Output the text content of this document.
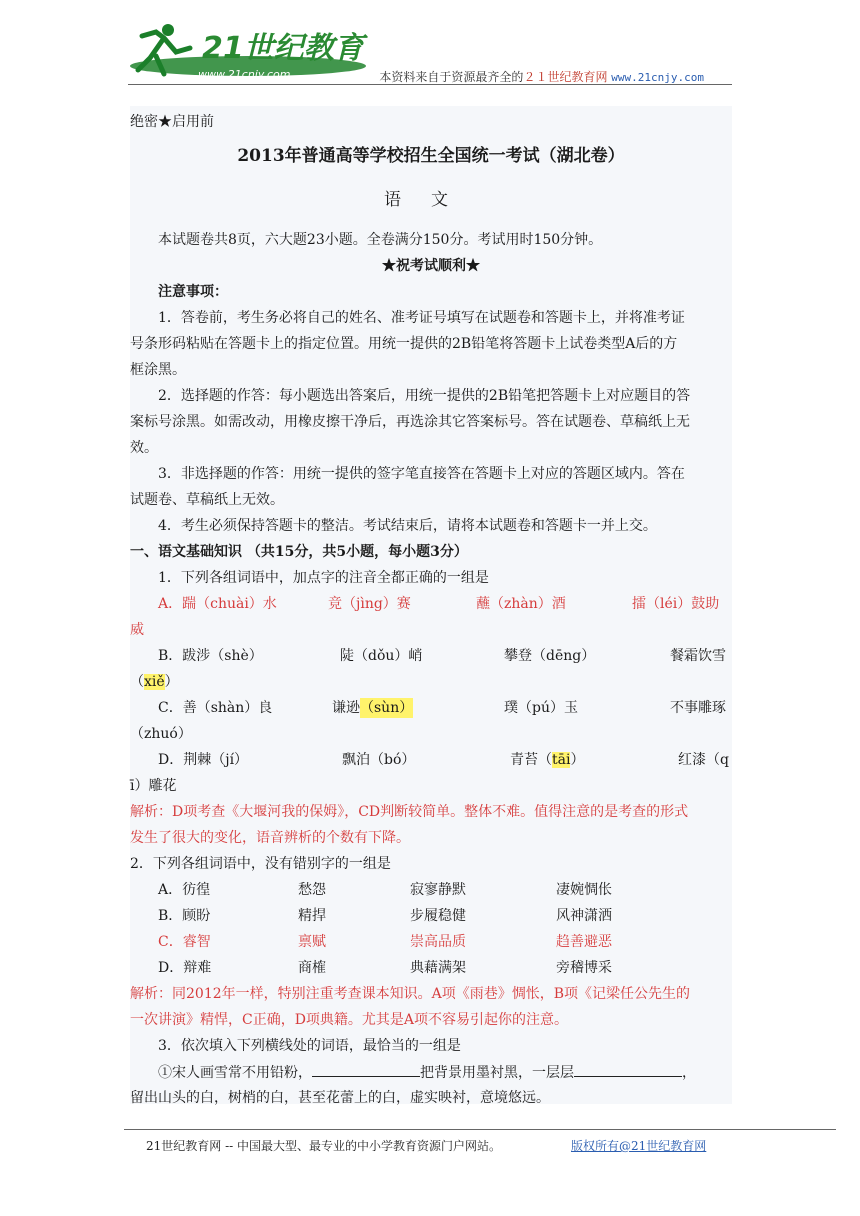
21世纪教育
www.21cnjy.com	本资料来自于资源最齐全的２１世纪教育网 www.21cnjy.com
绝密★启用前
2013年普通高等学校招生全国统一考试（湖北卷）
语文
本试题卷共8页，六大题23小题。全卷满分150分。考试用时150分钟。
★祝考试顺利★
注意事项：
1．答卷前，考生务必将自己的姓名、准考证号填写在试题卷和答题卡上，并将准考证
号条形码粘贴在答题卡上的指定位置。用统一提供的2B铅笔将答题卡上试卷类型A后的方
框涂黑。
2．选择题的作答：每小题选出答案后，用统一提供的2B铅笔把答题卡上对应题目的答
案标号涂黑。如需改动，用橡皮擦干净后，再选涂其它答案标号。答在试题卷、草稿纸上无
效。
3．非选择题的作答：用统一提供的签字笔直接答在答题卡上对应的答题区域内。答在
试题卷、草稿纸上无效。
4．考生必须保持答题卡的整洁。考试结束后，请将本试题卷和答题卡一并上交。
一、语文基础知识 （共15分，共5小题，每小题3分）
1．下列各组词语中，加点字的注音全都正确的一组是
A．踹（chuài）水	竞（jìng）赛	蘸（zhàn）酒	擂（léi）鼓助
威
B．跋涉（shè）	陡（dǒu）峭	攀登（dēng）	餐霜饮雪
（xiě）
C．善（shàn）良	谦逊 （sùn）	璞（pú）玉	不事雕琢
（zhuó）
D．荆棘（jí）	飘泊（bó）	青苔（tāi）	红漆（q
ī）雕花
解析：D项考查《大堰河我的保姆》，CD判断较简单。整体不难。值得注意的是考查的形式
发生了很大的变化，语音辨析的个数有下降。
2．下列各组词语中，没有错别字的一组是
A．彷徨	愁怨	寂寥静默	凄婉惆伥
B．顾盼	精捍	步履稳健	风神潇洒
C．睿智	禀赋	崇高品质	趋善避恶
D．辩难	商榷	典藉满架	旁稽博采
解析：同2012年一样，特别注重考查课本知识。A项《雨巷》惆怅，B项《记梁任公先生的
一次讲演》精悍，C正确，D项典籍。尤其是A项不容易引起你的注意。
3．依次填入下列横线处的词语，最恰当的一组是
①宋人画雪常不用铅粉，	把背景用墨衬黑，一层层	，
留出山头的白，树梢的白，甚至花蕾上的白，虚实映衬，意境悠远。
21世纪教育网 -- 中国最大型、最专业的中小学教育资源门户网站。	版权所有@21世纪教育网
